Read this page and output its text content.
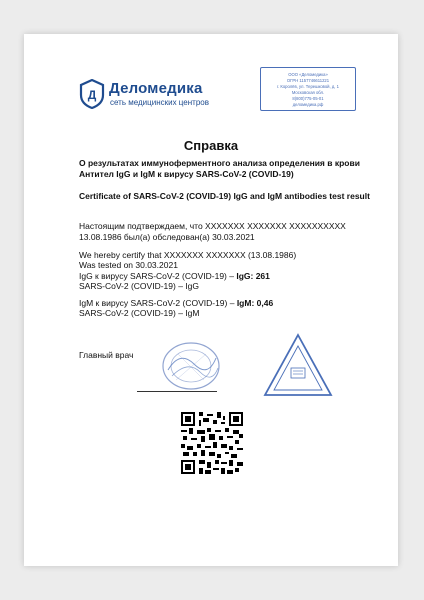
Д Деломедика
сеть медицинских центров
ООО «Деломедика»
ОГРН 1157746611221
г. Королёв, ул. Терешковой, д. 1
Московская обл.
8(800)775-05-01
деломедика.рф
Справка
О результатах иммуноферментного анализа определения в крови Антител IgG и IgM к вирусу SARS-CoV-2 (COVID-19)
Certificate of SARS-CoV-2 (COVID-19) IgG and IgM antibodies test result
Настоящим подтверждаем, что XXXXXXX XXXXXXX XXXXXXXXXX 13.08.1986 был(а) обследован(а) 30.03.2021
We hereby certify that XXXXXXX XXXXXXX (13.08.1986)
Was tested on 30.03.2021
IgG к вирусу SARS-CoV-2 (COVID-19) – IgG: 261
SARS-CoV-2 (COVID-19) – IgG
IgM к вирусу SARS-CoV-2 (COVID-19) – IgM: 0,46
SARS-CoV-2 (COVID-19) – IgM
Главный врач
